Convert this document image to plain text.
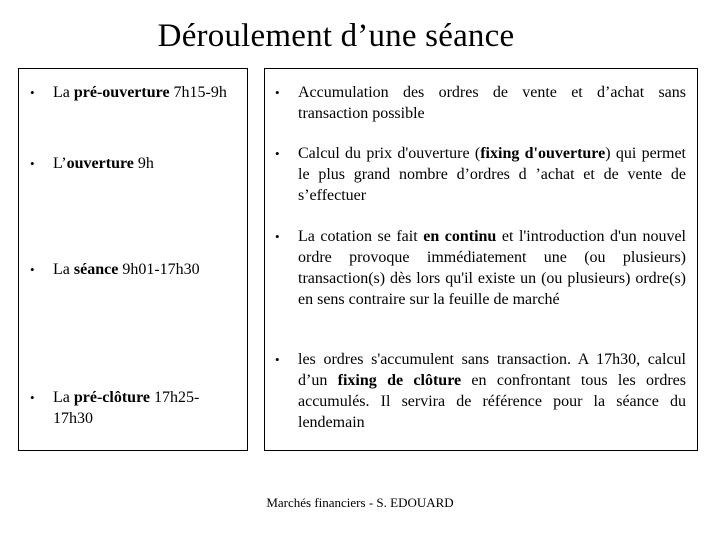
Déroulement d’une séance
•	La pré-ouverture 7h15-9h
•	L’ouverture 9h
•	La séance 9h01-17h30
•	La pré-clôture 17h25-17h30
•	Accumulation des ordres de vente et d’achat sans transaction possible
•	Calcul du prix d'ouverture (fixing d'ouverture) qui permet le plus grand nombre d’ordres d ’achat et de vente de s’effectuer
•	La cotation se fait en continu et l'introduction d'un nouvel ordre provoque immédiatement une (ou plusieurs) transaction(s) dès lors qu'il existe un (ou plusieurs) ordre(s) en sens contraire sur la feuille de marché
•	les ordres s'accumulent sans transaction. A 17h30, calcul d’un fixing de clôture en confrontant tous les ordres accumulés. Il servira de référence pour la séance du lendemain
Marchés financiers - S. EDOUARD
